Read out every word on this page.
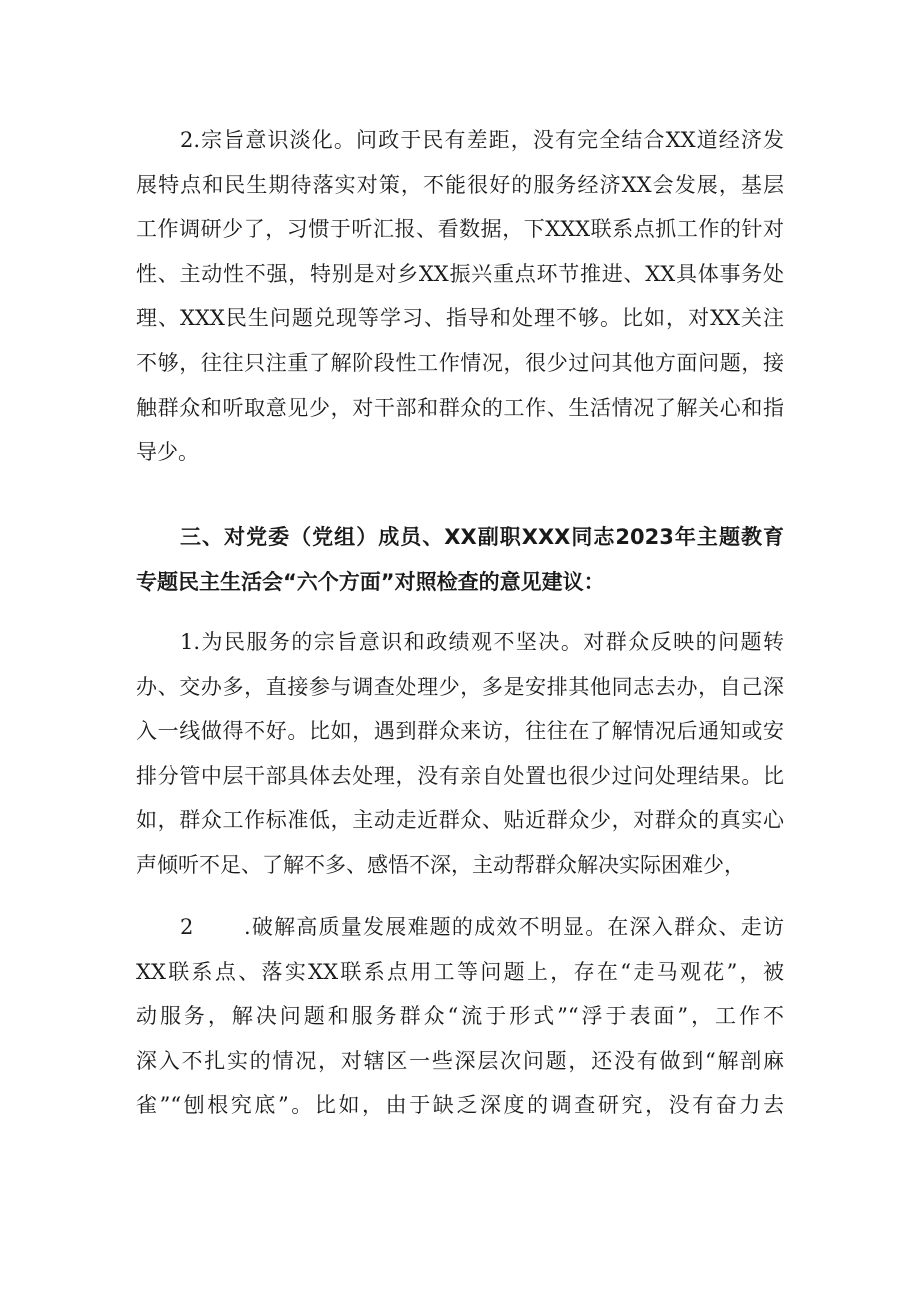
2.宗旨意识淡化。问政于民有差距，没有完全结合XX道经济发
展特点和民生期待落实对策，不能很好的服务经济XX会发展，基层
工作调研少了，习惯于听汇报、看数据，下XXX联系点抓工作的针对
性、主动性不强，特别是对乡XX振兴重点环节推进、XX具体事务处
理、XXX民生问题兑现等学习、指导和处理不够。比如，对XX关注
不够，往往只注重了解阶段性工作情况，很少过问其他方面问题，接
触群众和听取意见少，对干部和群众的工作、生活情况了解关心和指
导少。
三、对党委（党组）成员、XX副职XXX同志2023年主题教育
专题民主生活会“六个方面”对照检查的意见建议：
1.为民服务的宗旨意识和政绩观不坚决。对群众反映的问题转
办、交办多，直接参与调查处理少，多是安排其他同志去办，自己深
入一线做得不好。比如，遇到群众来访，往往在了解情况后通知或安
排分管中层干部具体去处理，没有亲自处置也很少过问处理结果。比
如，群众工作标准低，主动走近群众、贴近群众少，对群众的真实心
声倾听不足、了解不多、感悟不深，主动帮群众解决实际困难少，
2	.破解高质量发展难题的成效不明显。在深入群众、走访
XX联系点、落实XX联系点用工等问题上，存在“走马观花”，被
动服务，解决问题和服务群众“流于形式”“浮于表面”，工作不
深入不扎实的情况，对辖区一些深层次问题，还没有做到“解剖麻
雀”“刨根究底”。比如，由于缺乏深度的调查研究，没有奋力去
